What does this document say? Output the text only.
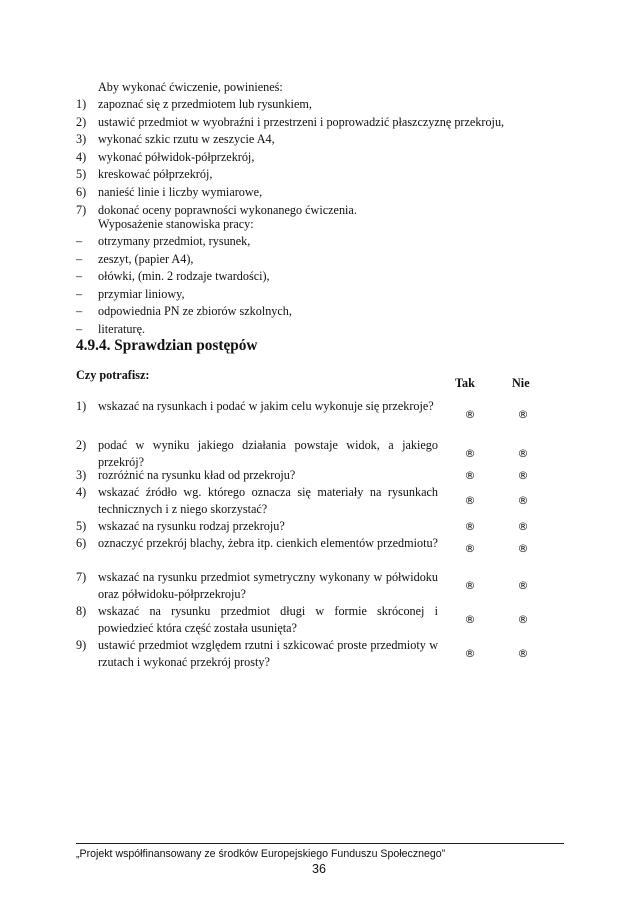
Aby wykonać ćwiczenie, powinieneś:
1) zapoznać się z przedmiotem lub rysunkiem,
2) ustawić przedmiot w wyobraźni i przestrzeni i poprowadzić płaszczyznę przekroju,
3) wykonać szkic rzutu w zeszycie A4,
4) wykonać półwidok-półprzekrój,
5) kreskować półprzekrój,
6) nanieść linie i liczby wymiarowe,
7) dokonać oceny poprawności wykonanego ćwiczenia.
Wyposażenie stanowiska pracy:
–	otrzymany przedmiot, rysunek,
–	zeszyt, (papier A4),
–	ołówki, (min. 2 rodzaje twardości),
–	przymiar liniowy,
–	odpowiednia PN ze zbiorów szkolnych,
–	literaturę.
4.9.4. Sprawdzian postępów
Czy potrafisz:
Tak	Nie
1) wskazać na rysunkach i podać w jakim celu wykonuje się przekroje?
®	®
2) podać w wyniku jakiego działania powstaje widok, a jakiego przekrój?
®	®
3) rozróżnić na rysunku kład od przekroju?	®	®
4) wskazać źródło wg. którego oznacza się materiały na rysunkach technicznych i z niego skorzystać?
®	®
5) wskazać na rysunku rodzaj przekroju?	®	®
6) oznaczyć przekrój blachy, żebra itp. cienkich elementów przedmiotu?	®	®
7) wskazać na rysunku przedmiot symetryczny wykonany w półwidoku oraz półwidoku-półprzekroju?
®	®
8) wskazać na rysunku przedmiot długi w formie skróconej i powiedzieć która część została usunięta?
®	®
9) ustawić przedmiot względem rzutni i szkicować proste przedmioty w rzutach i wykonać przekrój prosty?
®	®
„Projekt współfinansowany ze środków Europejskiego Funduszu Społecznego”
36
